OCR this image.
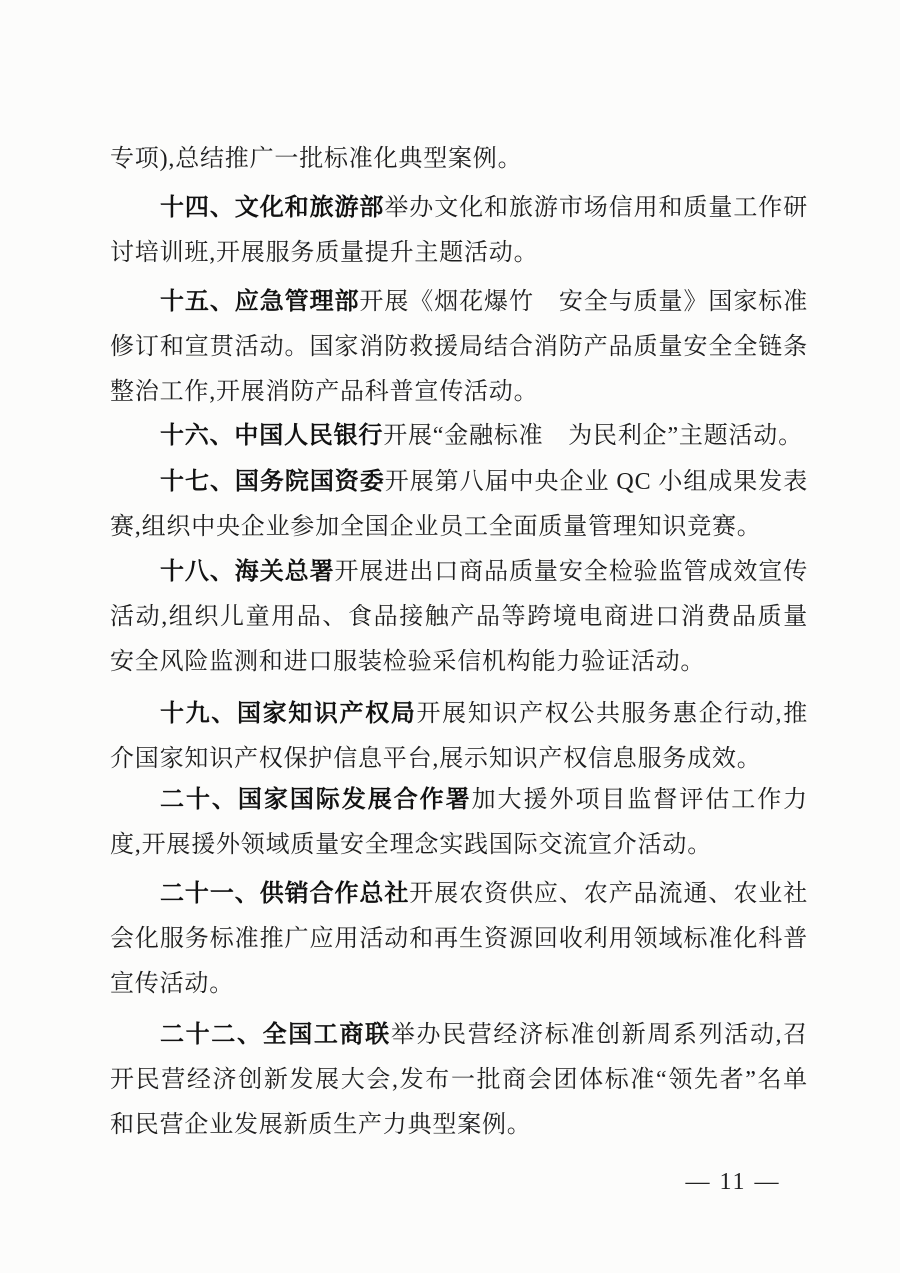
专项),总结推广一批标准化典型案例。
十四、文化和旅游部举办文化和旅游市场信用和质量工作研讨培训班,开展服务质量提升主题活动。
十五、应急管理部开展《烟花爆竹　安全与质量》国家标准修订和宣贯活动。国家消防救援局结合消防产品质量安全全链条整治工作,开展消防产品科普宣传活动。
十六、中国人民银行开展“金融标准　为民利企”主题活动。
十七、国务院国资委开展第八届中央企业 QC 小组成果发表赛,组织中央企业参加全国企业员工全面质量管理知识竞赛。
十八、海关总署开展进出口商品质量安全检验监管成效宣传活动,组织儿童用品、食品接触产品等跨境电商进口消费品质量安全风险监测和进口服装检验采信机构能力验证活动。
十九、国家知识产权局开展知识产权公共服务惠企行动,推介国家知识产权保护信息平台,展示知识产权信息服务成效。
二十、国家国际发展合作署加大援外项目监督评估工作力度,开展援外领域质量安全理念实践国际交流宣介活动。
二十一、供销合作总社开展农资供应、农产品流通、农业社会化服务标准推广应用活动和再生资源回收利用领域标准化科普宣传活动。
二十二、全国工商联举办民营经济标准创新周系列活动,召开民营经济创新发展大会,发布一批商会团体标准“领先者”名单和民营企业发展新质生产力典型案例。
— 11 —
